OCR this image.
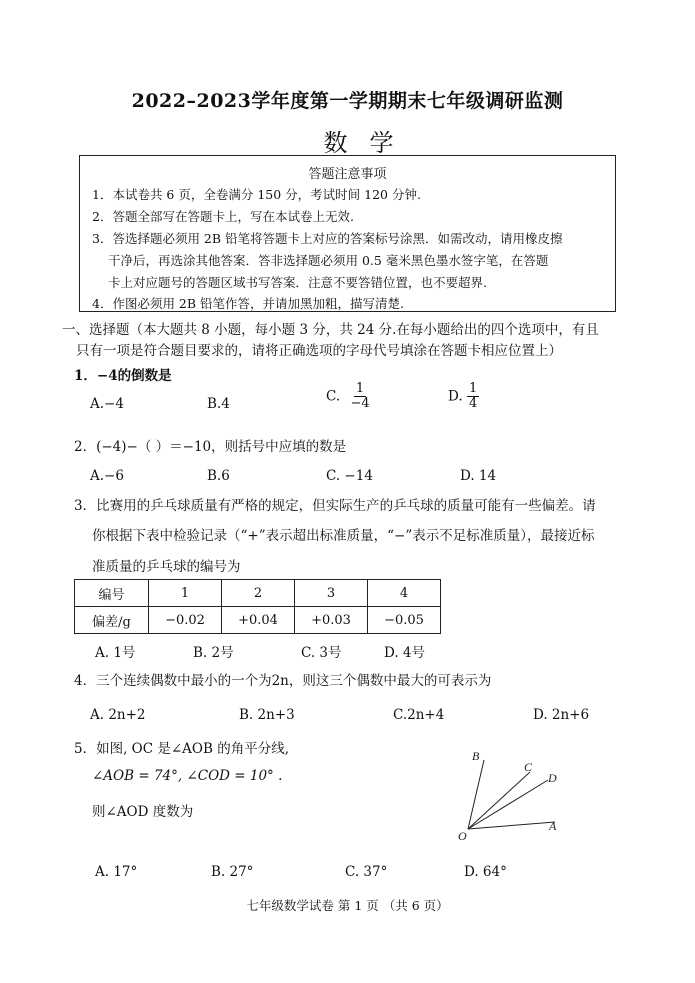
2022–2023学年度第一学期期末七年级调研监测
数学
答题注意事项
1．本试卷共 6 页，全卷满分 150 分，考试时间 120 分钟.
2．答题全部写在答题卡上，写在本试卷上无效.
3．答选择题必须用 2B 铅笔将答题卡上对应的答案标号涂黑．如需改动，请用橡皮擦
干净后，再选涂其他答案．答非选择题必须用 0.5 毫米黑色墨水签字笔，在答题
卡上对应题号的答题区域书写答案．注意不要答错位置，也不要超界.
4．作图必须用 2B 铅笔作答，并请加黑加粗，描写清楚.
一、选择题（本大题共 8 小题，每小题 3 分，共 24 分.在每小题给出的四个选项中，有且
只有一项是符合题目要求的，请将正确选项的字母代号填涂在答题卡相应位置上）
1．−4的倒数是
A.−4	B.4	C. $\frac{1}{-4}$	D. $\frac{1}{4}$
2．(−4)−（ ）＝−10，则括号中应填的数是
A.−6	B.6	C. −14	D. 14
3．比赛用的乒乓球质量有严格的规定，但实际生产的乒乓球的质量可能有一些偏差。请
你根据下表中检验记录（“+”表示超出标准质量，“−”表示不足标准质量），最接近标
准质量的乒乓球的编号为
编号	1	2	3	4
偏差/g	−0.02	+0.04	+0.03	−0.05
A. 1号	B. 2号	C. 3号	D. 4号
4．三个连续偶数中最小的一个为2n，则这三个偶数中最大的可表示为
A. 2n+2	B. 2n+3	C.2n+4	D. 2n+6
5．如图, OC 是∠AOB 的角平分线,
∠AOB = 74°, ∠COD = 10° .
则∠AOD 度数为
B
C
D
A
O
A. 17°	B. 27°	C. 37°	D. 64°
七年级数学试卷 第 1 页 （共 6 页）
